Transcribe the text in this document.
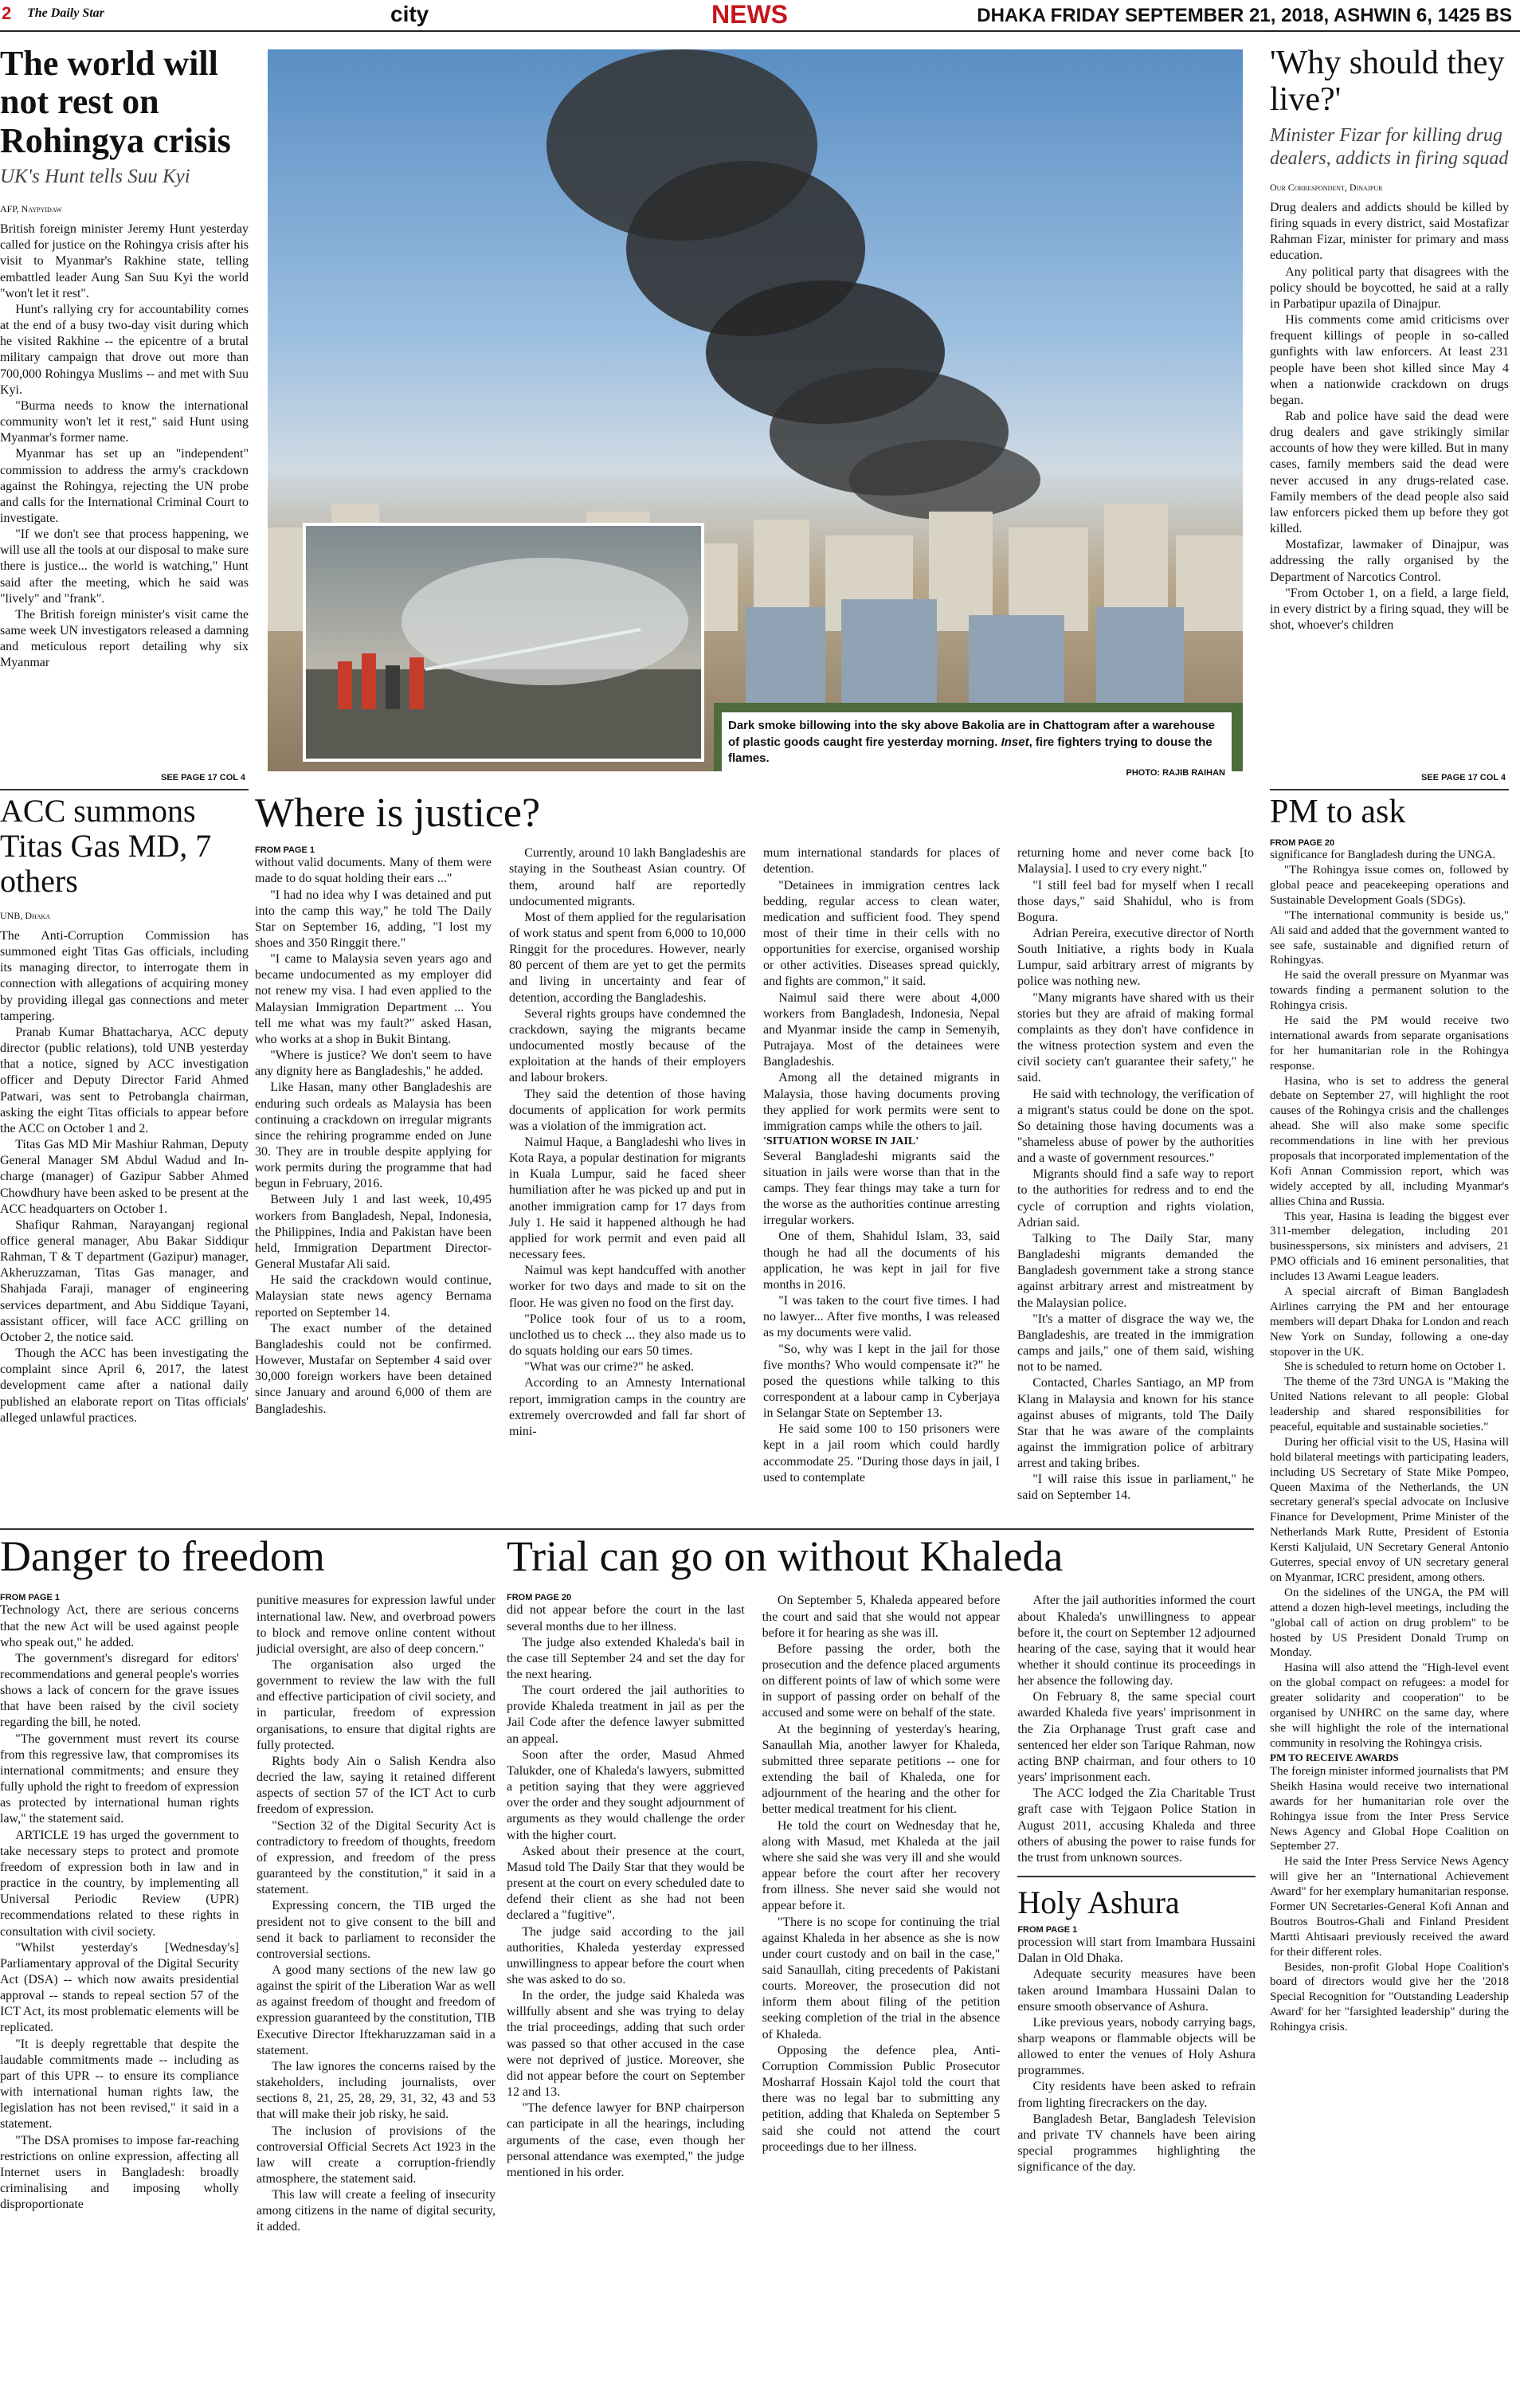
2 The Daily Star	city	NEWS	DHAKA FRIDAY SEPTEMBER 21, 2018, ASHWIN 6, 1425 BS
The world will not rest on Rohingya crisis
UK's Hunt tells Suu Kyi
AFP, Naypyidaw

British foreign minister Jeremy Hunt yesterday called for justice on the Rohingya crisis after his visit to Myanmar's Rakhine state, telling embattled leader Aung San Suu Kyi the world "won't let it rest".

Hunt's rallying cry for accountability comes at the end of a busy two-day visit during which he visited Rakhine -- the epicentre of a brutal military campaign that drove out more than 700,000 Rohingya Muslims -- and met with Suu Kyi.

"Burma needs to know the international community won't let it rest," said Hunt using Myanmar's former name.

Myanmar has set up an "independent" commission to address the army's crackdown against the Rohingya, rejecting the UN probe and calls for the International Criminal Court to investigate.

"If we don't see that process happening, we will use all the tools at our disposal to make sure there is justice... the world is watching," Hunt said after the meeting, which he said was "lively" and "frank".

The British foreign minister's visit came the same week UN investigators released a damning and meticulous report detailing why six Myanmar

SEE PAGE 17 COL 4
ACC summons Titas Gas MD, 7 others
UNB, Dhaka

The Anti-Corruption Commission has summoned eight Titas Gas officials, including its managing director, to interrogate them in connection with allegations of acquiring money by providing illegal gas connections and meter tampering.

Pranab Kumar Bhattacharya, ACC deputy director (public relations), told UNB yesterday that a notice, signed by ACC investigation officer and Deputy Director Farid Ahmed Patwari, was sent to Petrobangla chairman, asking the eight Titas officials to appear before the ACC on October 1 and 2.

Titas Gas MD Mir Mashiur Rahman, Deputy General Manager SM Abdul Wadud and In-charge (manager) of Gazipur Sabber Ahmed Chowdhury have been asked to be present at the ACC headquarters on October 1.

Shafiqur Rahman, Narayanganj regional office general manager, Abu Bakar Siddiqur Rahman, T & T department (Gazipur) manager, Akheruzzaman, Titas Gas manager, and Shahjada Faraji, manager of engineering services department, and Abu Siddique Tayani, assistant officer, will face ACC grilling on October 2, the notice said.

Though the ACC has been investigating the complaint since April 6, 2017, the latest development came after a national daily published an elaborate report on Titas officials' alleged unlawful practices.

Dark smoke billowing into the sky above Bakolia are in Chattogram after a warehouse of plastic goods caught fire yesterday morning. Inset, fire fighters trying to douse the flames.
PHOTO: RAJIB RAIHAN
'Why should they live?'
Minister Fizar for killing drug dealers, addicts in firing squad
Our Correspondent, Dinajpur

Drug dealers and addicts should be killed by firing squads in every district, said Mostafizar Rahman Fizar, minister for primary and mass education.

Any political party that disagrees with the policy should be boycotted, he said at a rally in Parbatipur upazila of Dinajpur.

His comments come amid criticisms over frequent killings of people in so-called gunfights with law enforcers. At least 231 people have been shot killed since May 4 when a nationwide crackdown on drugs began.

Rab and police have said the dead were drug dealers and gave strikingly similar accounts of how they were killed. But in many cases, family members said the dead were never accused in any drugs-related case. Family members of the dead people also said law enforcers picked them up before they got killed.

Mostafizar, lawmaker of Dinajpur, was addressing the rally organised by the Department of Narcotics Control.

"From October 1, on a field, a large field, in every district by a firing squad, they will be shot, whoever's children

SEE PAGE 17 COL 4
Where is justice?
FROM PAGE 1

without valid documents. Many of them were made to do squat holding their ears ..."

"I had no idea why I was detained and put into the camp this way," he told The Daily Star on September 16, adding, "I lost my shoes and 350 Ringgit there."

"I came to Malaysia seven years ago and became undocumented as my employer did not renew my visa. I had even applied to the Malaysian Immigration Department ... You tell me what was my fault?" asked Hasan, who works at a shop in Bukit Bintang.

"Where is justice? We don't seem to have any dignity here as Bangladeshis," he added.

Like Hasan, many other Bangladeshis are enduring such ordeals as Malaysia has been continuing a crackdown on irregular migrants since the rehiring programme ended on June 30. They are in trouble despite applying for work permits during the programme that had begun in February, 2016.

Between July 1 and last week, 10,495 workers from Bangladesh, Nepal, Indonesia, the Philippines, India and Pakistan have been held, Immigration Department Director-General Mustafar Ali said.

He said the crackdown would continue, Malaysian state news agency Bernama reported on September 14.

The exact number of the detained Bangladeshis could not be confirmed. However, Mustafar on September 4 said over 30,000 foreign workers have been detained since January and around 6,000 of them are Bangladeshis.

Currently, around 10 lakh Bangladeshis are staying in the Southeast Asian country. Of them, around half are reportedly undocumented migrants.

Most of them applied for the regularisation of work status and spent from 6,000 to 10,000 Ringgit for the procedures. However, nearly 80 percent of them are yet to get the permits and living in uncertainty and fear of detention, according the Bangladeshis.

Several rights groups have condemned the crackdown, saying the migrants became undocumented mostly because of the exploitation at the hands of their employers and labour brokers.

They said the detention of those having documents of application for work permits was a violation of the immigration act.

Naimul Haque, a Bangladeshi who lives in Kota Raya, a popular destination for migrants in Kuala Lumpur, said he faced sheer humiliation after he was picked up and put in another immigration camp for 17 days from July 1. He said it happened although he had applied for work permit and even paid all necessary fees.

Naimul was kept handcuffed with another worker for two days and made to sit on the floor. He was given no food on the first day.

"Police took four of us to a room, unclothed us to check ... they also made us to do squats holding our ears 50 times.

"What was our crime?" he asked.

According to an Amnesty International report, immigration camps in the country are extremely overcrowded and fall far short of mini-

mum international standards for places of detention.

"Detainees in immigration centres lack bedding, regular access to clean water, medication and sufficient food. They spend most of their time in their cells with no opportunities for exercise, organised worship or other activities. Diseases spread quickly, and fights are common," it said.

Naimul said there were about 4,000 workers from Bangladesh, Indonesia, Nepal and Myanmar inside the camp in Semenyih, Putrajaya. Most of the detainees were Bangladeshis.

Among all the detained migrants in Malaysia, those having documents proving they applied for work permits were sent to immigration camps while the others to jail.

'SITUATION WORSE IN JAIL'

Several Bangladeshi migrants said the situation in jails were worse than that in the camps. They fear things may take a turn for the worse as the authorities continue arresting irregular workers.

One of them, Shahidul Islam, 33, said though he had all the documents of his application, he was kept in jail for five months in 2016.

"I was taken to the court five times. I had no lawyer... After five months, I was released as my documents were valid.

"So, why was I kept in the jail for those five months? Who would compensate it?" he posed the questions while talking to this correspondent at a labour camp in Cyberjaya in Selangar State on September 13.

He said some 100 to 150 prisoners were kept in a jail room which could hardly accommodate 25. "During those days in jail, I used to contemplate

returning home and never come back [to Malaysia]. I used to cry every night."

"I still feel bad for myself when I recall those days," said Shahidul, who is from Bogura.

Adrian Pereira, executive director of North South Initiative, a rights body in Kuala Lumpur, said arbitrary arrest of migrants by police was nothing new.

"Many migrants have shared with us their stories but they are afraid of making formal complaints as they don't have confidence in the witness protection system and even the civil society can't guarantee their safety," he said.

He said with technology, the verification of a migrant's status could be done on the spot. So detaining those having documents was a "shameless abuse of power by the authorities and a waste of government resources."

Migrants should find a safe way to report to the authorities for redress and to end the cycle of corruption and rights violation, Adrian said.

Talking to The Daily Star, many Bangladeshi migrants demanded the Bangladesh government take a strong stance against arbitrary arrest and mistreatment by the Malaysian police.

"It's a matter of disgrace the way we, the Bangladeshis, are treated in the immigration camps and jails," one of them said, wishing not to be named.

Contacted, Charles Santiago, an MP from Klang in Malaysia and known for his stance against abuses of migrants, told The Daily Star that he was aware of the complaints against the immigration police of arbitrary arrest and taking bribes.

"I will raise this issue in parliament," he said on September 14.

PM to ask
FROM PAGE 20

significance for Bangladesh during the UNGA.

"The Rohingya issue comes on, followed by global peace and peacekeeping operations and Sustainable Development Goals (SDGs).

"The international community is beside us," Ali said and added that the government wanted to see safe, sustainable and dignified return of Rohingyas.

He said the overall pressure on Myanmar was towards finding a permanent solution to the Rohingya crisis.

He said the PM would receive two international awards from separate organisations for her humanitarian role in the Rohingya response.

Hasina, who is set to address the general debate on September 27, will highlight the root causes of the Rohingya crisis and the challenges ahead. She will also make some specific recommendations in line with her previous proposals that incorporated implementation of the Kofi Annan Commission report, which was widely accepted by all, including Myanmar's allies China and Russia.

This year, Hasina is leading the biggest ever 311-member delegation, including 201 businesspersons, six ministers and advisers, 21 PMO officials and 16 eminent personalities, that includes 13 Awami League leaders.

A special aircraft of Biman Bangladesh Airlines carrying the PM and her entourage members will depart Dhaka for London and reach New York on Sunday, following a one-day stopover in the UK.

She is scheduled to return home on October 1.

The theme of the 73rd UNGA is "Making the United Nations relevant to all people: Global leadership and shared responsibilities for peaceful, equitable and sustainable societies."

During her official visit to the US, Hasina will hold bilateral meetings with participating leaders, including US Secretary of State Mike Pompeo, Queen Maxima of the Netherlands, the UN secretary general's special advocate on Inclusive Finance for Development, Prime Minister of the Netherlands Mark Rutte, President of Estonia Kersti Kaljulaid, UN Secretary General Antonio Guterres, special envoy of UN secretary general on Myanmar, ICRC president, among others.

On the sidelines of the UNGA, the PM will attend a dozen high-level meetings, including the "global call of action on drug problem" to be hosted by US President Donald Trump on Monday.

Hasina will also attend the "High-level event on the global compact on refugees: a model for greater solidarity and cooperation" to be organised by UNHRC on the same day, where she will highlight the role of the international community in resolving the Rohingya crisis.

PM TO RECEIVE AWARDS

The foreign minister informed journalists that PM Sheikh Hasina would receive two international awards for her humanitarian role over the Rohingya issue from the Inter Press Service News Agency and Global Hope Coalition on September 27.

He said the Inter Press Service News Agency will give her an "International Achievement Award" for her exemplary humanitarian response. Former UN Secretaries-General Kofi Annan and Boutros Boutros-Ghali and Finland President Martti Ahtisaari previously received the award for their different roles.

Besides, non-profit Global Hope Coalition's board of directors would give her the '2018 Special Recognition for "Outstanding Leadership Award' for her "farsighted leadership" during the Rohingya crisis.

Danger to freedom
FROM PAGE 1

Technology Act, there are serious concerns that the new Act will be used against people who speak out," he added.

The government's disregard for editors' recommendations and general people's worries shows a lack of concern for the grave issues that have been raised by the civil society regarding the bill, he noted.

"The government must revert its course from this regressive law, that compromises its international commitments; and ensure they fully uphold the right to freedom of expression as protected by international human rights law," the statement said.

ARTICLE 19 has urged the government to take necessary steps to protect and promote freedom of expression both in law and in practice in the country, by implementing all Universal Periodic Review (UPR) recommendations related to these rights in consultation with civil society.

"Whilst yesterday's [Wednesday's] Parliamentary approval of the Digital Security Act (DSA) -- which now awaits presidential approval -- stands to repeal section 57 of the ICT Act, its most problematic elements will be replicated.

"It is deeply regrettable that despite the laudable commitments made -- including as part of this UPR -- to ensure its compliance with international human rights law, the legislation has not been revised," it said in a statement.

"The DSA promises to impose far-reaching restrictions on online expression, affecting all Internet users in Bangladesh: broadly criminalising and imposing wholly disproportionate

punitive measures for expression lawful under international law. New, and overbroad powers to block and remove online content without judicial oversight, are also of deep concern."

The organisation also urged the government to review the law with the full and effective participation of civil society, and in particular, freedom of expression organisations, to ensure that digital rights are fully protected.

Rights body Ain o Salish Kendra also decried the law, saying it retained different aspects of section 57 of the ICT Act to curb freedom of expression.

"Section 32 of the Digital Security Act is contradictory to freedom of thoughts, freedom of expression, and freedom of the press guaranteed by the constitution," it said in a statement.

Expressing concern, the TIB urged the president not to give consent to the bill and send it back to parliament to reconsider the controversial sections.

A good many sections of the new law go against the spirit of the Liberation War as well as against freedom of thought and freedom of expression guaranteed by the constitution, TIB Executive Director Iftekharuzzaman said in a statement.

The law ignores the concerns raised by the stakeholders, including journalists, over sections 8, 21, 25, 28, 29, 31, 32, 43 and 53 that will make their job risky, he said.

The inclusion of provisions of the controversial Official Secrets Act 1923 in the law will create a corruption-friendly atmosphere, the statement said.

This law will create a feeling of insecurity among citizens in the name of digital security, it added.

Trial can go on without Khaleda
FROM PAGE 20

did not appear before the court in the last several months due to her illness.

The judge also extended Khaleda's bail in the case till September 24 and set the day for the next hearing.

The court ordered the jail authorities to provide Khaleda treatment in jail as per the Jail Code after the defence lawyer submitted an appeal.

Soon after the order, Masud Ahmed Talukder, one of Khaleda's lawyers, submitted a petition saying that they were aggrieved over the order and they sought adjournment of arguments as they would challenge the order with the higher court.

Asked about their presence at the court, Masud told The Daily Star that they would be present at the court on every scheduled date to defend their client as she had not been declared a "fugitive".

The judge said according to the jail authorities, Khaleda yesterday expressed unwillingness to appear before the court when she was asked to do so.

In the order, the judge said Khaleda was willfully absent and she was trying to delay the trial proceedings, adding that such order was passed so that other accused in the case were not deprived of justice. Moreover, she did not appear before the court on September 12 and 13.

"The defence lawyer for BNP chairperson can participate in all the hearings, including arguments of the case, even though her personal attendance was exempted," the judge mentioned in his order.

On September 5, Khaleda appeared before the court and said that she would not appear before it for hearing as she was ill.

Before passing the order, both the prosecution and the defence placed arguments on different points of law of which some were in support of passing order on behalf of the accused and some were on behalf of the state.

At the beginning of yesterday's hearing, Sanaullah Mia, another lawyer for Khaleda, submitted three separate petitions -- one for extending the bail of Khaleda, one for adjournment of the hearing and the other for better medical treatment for his client.

He told the court on Wednesday that he, along with Masud, met Khaleda at the jail where she said she was very ill and she would appear before the court after her recovery from illness. She never said she would not appear before it.

"There is no scope for continuing the trial against Khaleda in her absence as she is now under court custody and on bail in the case," said Sanaullah, citing precedents of Pakistani courts. Moreover, the prosecution did not inform them about filing of the petition seeking completion of the trial in the absence of Khaleda.

Opposing the defence plea, Anti-Corruption Commission Public Prosecutor Mosharraf Hossain Kajol told the court that there was no legal bar to submitting any petition, adding that Khaleda on September 5 said she could not attend the court proceedings due to her illness.

After the jail authorities informed the court about Khaleda's unwillingness to appear before it, the court on September 12 adjourned hearing of the case, saying that it would hear whether it should continue its proceedings in her absence the following day.

On February 8, the same special court awarded Khaleda five years' imprisonment in the Zia Orphanage Trust graft case and sentenced her elder son Tarique Rahman, now acting BNP chairman, and four others to 10 years' imprisonment each.

The ACC lodged the Zia Charitable Trust graft case with Tejgaon Police Station in August 2011, accusing Khaleda and three others of abusing the power to raise funds for the trust from unknown sources.

Holy Ashura
FROM PAGE 1

procession will start from Imambara Hussaini Dalan in Old Dhaka.

Adequate security measures have been taken around Imambara Hussaini Dalan to ensure smooth observance of Ashura.

Like previous years, nobody carrying bags, sharp weapons or flammable objects will be allowed to enter the venues of Holy Ashura programmes.

City residents have been asked to refrain from lighting firecrackers on the day.

Bangladesh Betar, Bangladesh Television and private TV channels have been airing special programmes highlighting the significance of the day.
